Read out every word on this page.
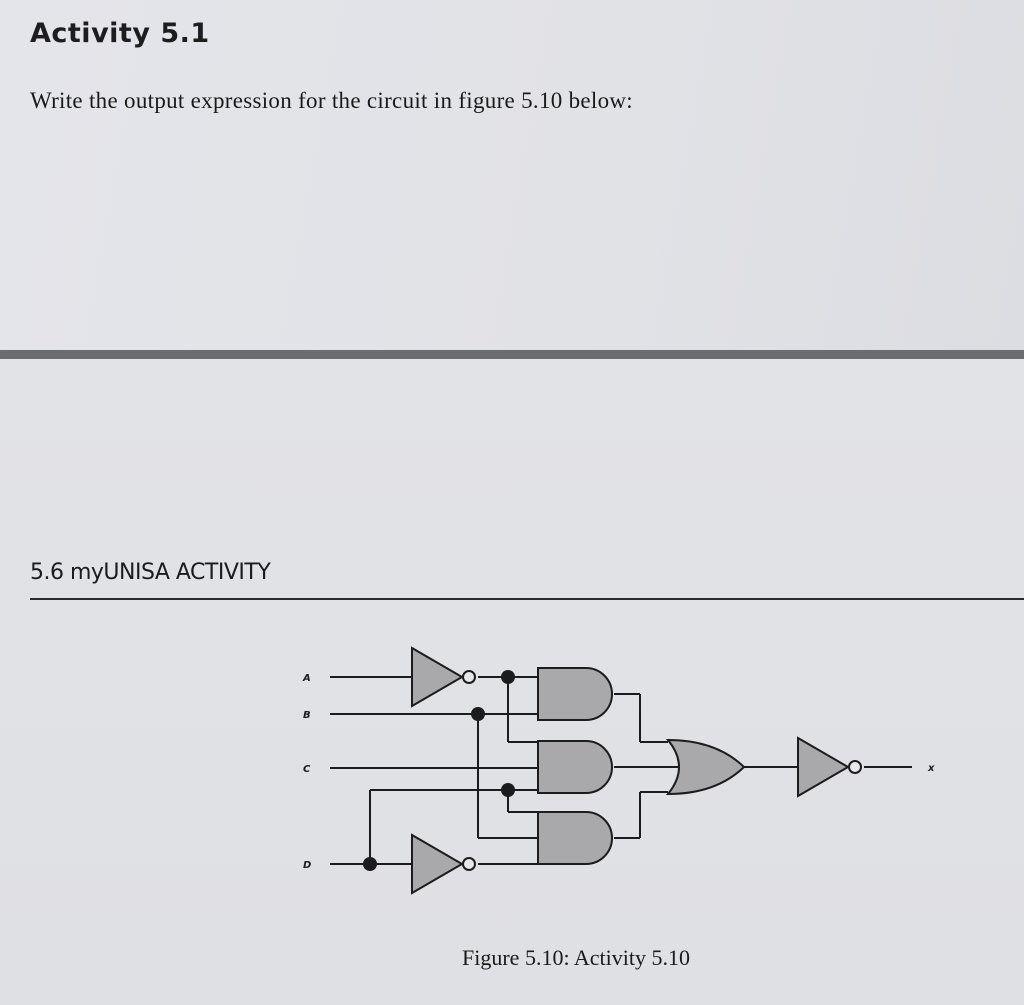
Activity 5.1
Write the output expression for the circuit in figure 5.10 below:
5.6 myUNISA ACTIVITY
A
B
C
D
x
Figure 5.10: Activity 5.10
